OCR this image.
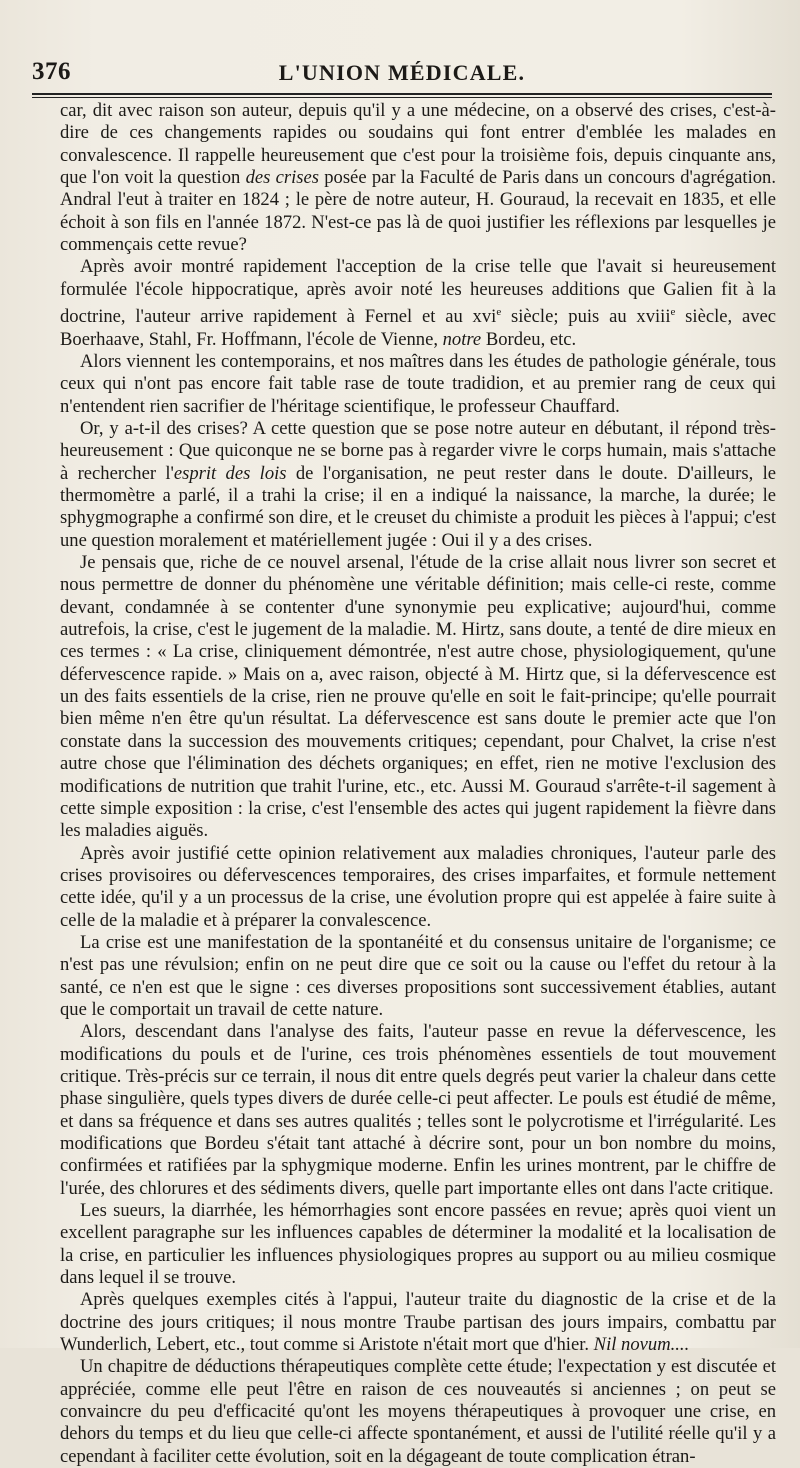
376	L'UNION MÉDICALE.

car, dit avec raison son auteur, depuis qu'il y a une médecine, on a observé des crises, c'est-à-dire de ces changements rapides ou soudains qui font entrer d'emblée les malades en convalescence. Il rappelle heureusement que c'est pour la troisième fois, depuis cinquante ans, que l'on voit la question des crises posée par la Faculté de Paris dans un concours d'agrégation. Andral l'eut à traiter en 1824 ; le père de notre auteur, H. Gouraud, la recevait en 1835, et elle échoit à son fils en l'année 1872. N'est-ce pas là de quoi justifier les réflexions par lesquelles je commençais cette revue?

Après avoir montré rapidement l'acception de la crise telle que l'avait si heureusement formulée l'école hippocratique, après avoir noté les heureuses additions que Galien fit à la doctrine, l'auteur arrive rapidement à Fernel et au xvi$^e$ siècle; puis au xviii$^e$ siècle, avec Boerhaave, Stahl, Fr. Hoffmann, l'école de Vienne, notre Bordeu, etc.

Alors viennent les contemporains, et nos maîtres dans les études de pathologie générale, tous ceux qui n'ont pas encore fait table rase de toute tradidion, et au premier rang de ceux qui n'entendent rien sacrifier de l'héritage scientifique, le professeur Chauffard.

Or, y a-t-il des crises? A cette question que se pose notre auteur en débutant, il répond très-heureusement : Que quiconque ne se borne pas à regarder vivre le corps humain, mais s'attache à rechercher l'esprit des lois de l'organisation, ne peut rester dans le doute. D'ailleurs, le thermomètre a parlé, il a trahi la crise; il en a indiqué la naissance, la marche, la durée; le sphygmographe a confirmé son dire, et le creuset du chimiste a produit les pièces à l'appui; c'est une question moralement et matériellement jugée : Oui il y a des crises.

Je pensais que, riche de ce nouvel arsenal, l'étude de la crise allait nous livrer son secret et nous permettre de donner du phénomène une véritable définition; mais celle-ci reste, comme devant, condamnée à se contenter d'une synonymie peu explicative; aujourd'hui, comme autrefois, la crise, c'est le jugement de la maladie. M. Hirtz, sans doute, a tenté de dire mieux en ces termes : « La crise, cliniquement démontrée, n'est autre chose, physiologiquement, qu'une défervescence rapide. » Mais on a, avec raison, objecté à M. Hirtz que, si la défervescence est un des faits essentiels de la crise, rien ne prouve qu'elle en soit le fait-principe; qu'elle pourrait bien même n'en être qu'un résultat. La défervescence est sans doute le premier acte que l'on constate dans la succession des mouvements critiques; cependant, pour Chalvet, la crise n'est autre chose que l'élimination des déchets organiques; en effet, rien ne motive l'exclusion des modifications de nutrition que trahit l'urine, etc., etc. Aussi M. Gouraud s'arrête-t-il sagement à cette simple exposition : la crise, c'est l'ensemble des actes qui jugent rapidement la fièvre dans les maladies aiguës.

Après avoir justifié cette opinion relativement aux maladies chroniques, l'auteur parle des crises provisoires ou défervescences temporaires, des crises imparfaites, et formule nettement cette idée, qu'il y a un processus de la crise, une évolution propre qui est appelée à faire suite à celle de la maladie et à préparer la convalescence.

La crise est une manifestation de la spontanéité et du consensus unitaire de l'organisme; ce n'est pas une révulsion; enfin on ne peut dire que ce soit ou la cause ou l'effet du retour à la santé, ce n'en est que le signe : ces diverses propositions sont successivement établies, autant que le comportait un travail de cette nature.

Alors, descendant dans l'analyse des faits, l'auteur passe en revue la défervescence, les modifications du pouls et de l'urine, ces trois phénomènes essentiels de tout mouvement critique. Très-précis sur ce terrain, il nous dit entre quels degrés peut varier la chaleur dans cette phase singulière, quels types divers de durée celle-ci peut affecter. Le pouls est étudié de même, et dans sa fréquence et dans ses autres qualités ; telles sont le polycrotisme et l'irrégularité. Les modifications que Bordeu s'était tant attaché à décrire sont, pour un bon nombre du moins, confirmées et ratifiées par la sphygmique moderne. Enfin les urines montrent, par le chiffre de l'urée, des chlorures et des sédiments divers, quelle part importante elles ont dans l'acte critique.

Les sueurs, la diarrhée, les hémorrhagies sont encore passées en revue; après quoi vient un excellent paragraphe sur les influences capables de déterminer la modalité et la localisation de la crise, en particulier les influences physiologiques propres au support ou au milieu cosmique dans lequel il se trouve.

Après quelques exemples cités à l'appui, l'auteur traite du diagnostic de la crise et de la doctrine des jours critiques; il nous montre Traube partisan des jours impairs, combattu par Wunderlich, Lebert, etc., tout comme si Aristote n'était mort que d'hier. Nil novum....

Un chapitre de déductions thérapeutiques complète cette étude; l'expectation y est discutée et appréciée, comme elle peut l'être en raison de ces nouveautés si anciennes ; on peut se convaincre du peu d'efficacité qu'ont les moyens thérapeutiques à provoquer une crise, en dehors du temps et du lieu que celle-ci affecte spontanément, et aussi de l'utilité réelle qu'il y a cependant à faciliter cette évolution, soit en la dégageant de toute complication étran-
